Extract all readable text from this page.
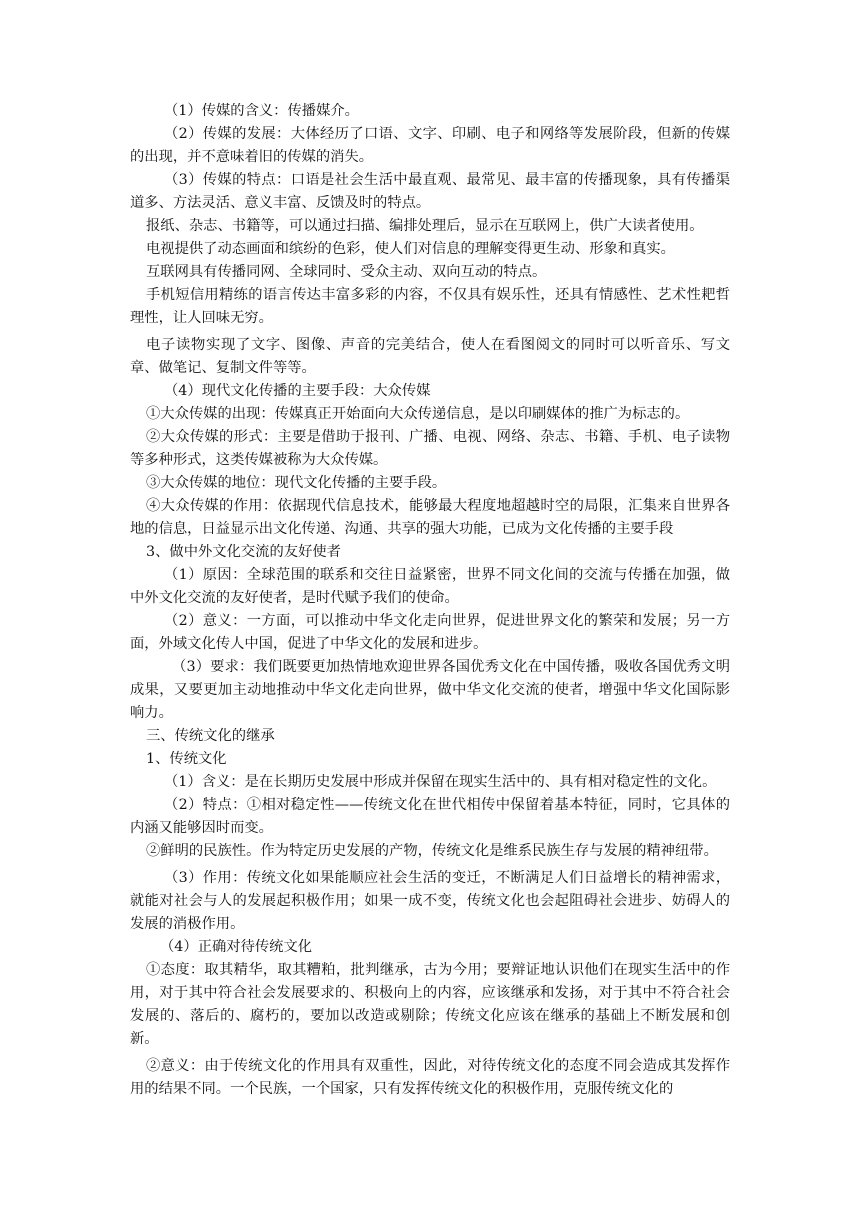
（1）传媒的含义：传播媒介。

（2）传媒的发展：大体经历了口语、文字、印刷、电子和网络等发展阶段，但新的传媒的出现，并不意味着旧的传媒的消失。

（3）传媒的特点：口语是社会生活中最直观、最常见、最丰富的传播现象，具有传播渠道多、方法灵活、意义丰富、反馈及时的特点。

报纸、杂志、书籍等，可以通过扫描、编排处理后，显示在互联网上，供广大读者使用。

电视提供了动态画面和缤纷的色彩，使人们对信息的理解变得更生动、形象和真实。

互联网具有传播同网、全球同时、受众主动、双向互动的特点。

手机短信用精练的语言传达丰富多彩的内容，不仅具有娱乐性，还具有情感性、艺术性耙哲理性，让人回味无穷。

电子读物实现了文字、图像、声音的完美结合，使人在看图阅文的同时可以听音乐、写文章、做笔记、复制文件等等。

（4）现代文化传播的主要手段：大众传媒

①大众传媒的出现：传媒真正开始面向大众传递信息，是以印刷媒体的推广为标志的。

②大众传媒的形式：主要是借助于报刊、广播、电视、网络、杂志、书籍、手机、电子读物等多种形式，这类传媒被称为大众传媒。

③大众传媒的地位：现代文化传播的主要手段。

④大众传媒的作用：依据现代信息技术，能够最大程度地超越时空的局限，汇集来自世界各地的信息，日益显示出文化传递、沟通、共享的强大功能，已成为文化传播的主要手段

3、做中外文化交流的友好使者

（1）原因：全球范围的联系和交往日益紧密，世界不同文化间的交流与传播在加强，做中外文化交流的友好使者，是时代赋予我们的使命。

（2）意义：一方面，可以推动中华文化走向世界，促进世界文化的繁荣和发展；另一方面，外域文化传人中国，促进了中华文化的发展和进步。

（3）要求：我们既要更加热情地欢迎世界各国优秀文化在中国传播，吸收各国优秀文明成果，又要更加主动地推动中华文化走向世界，做中华文化交流的使者，增强中华文化国际影响力。

三、传统文化的继承

1、传统文化

（1）含义：是在长期历史发展中形成并保留在现实生活中的、具有相对稳定性的文化。

（2）特点：①相对稳定性——传统文化在世代相传中保留着基本特征，同时，它具体的内涵又能够因时而变。

②鲜明的民族性。作为特定历史发展的产物，传统文化是维系民族生存与发展的精神纽带。

（3）作用：传统文化如果能顺应社会生活的变迁，不断满足人们日益增长的精神需求，就能对社会与人的发展起积极作用；如果一成不变，传统文化也会起阻碍社会进步、妨碍人的发展的消极作用。

（4）正确对待传统文化

①态度：取其精华，取其糟粕，批判继承，古为今用；要辩证地认识他们在现实生活中的作用，对于其中符合社会发展要求的、积极向上的内容，应该继承和发扬，对于其中不符合社会发展的、落后的、腐朽的，要加以改造或剔除；传统文化应该在继承的基础上不断发展和创新。

②意义：由于传统文化的作用具有双重性，因此，对待传统文化的态度不同会造成其发挥作用的结果不同。一个民族，一个国家，只有发挥传统文化的积极作用，克服传统文化的
